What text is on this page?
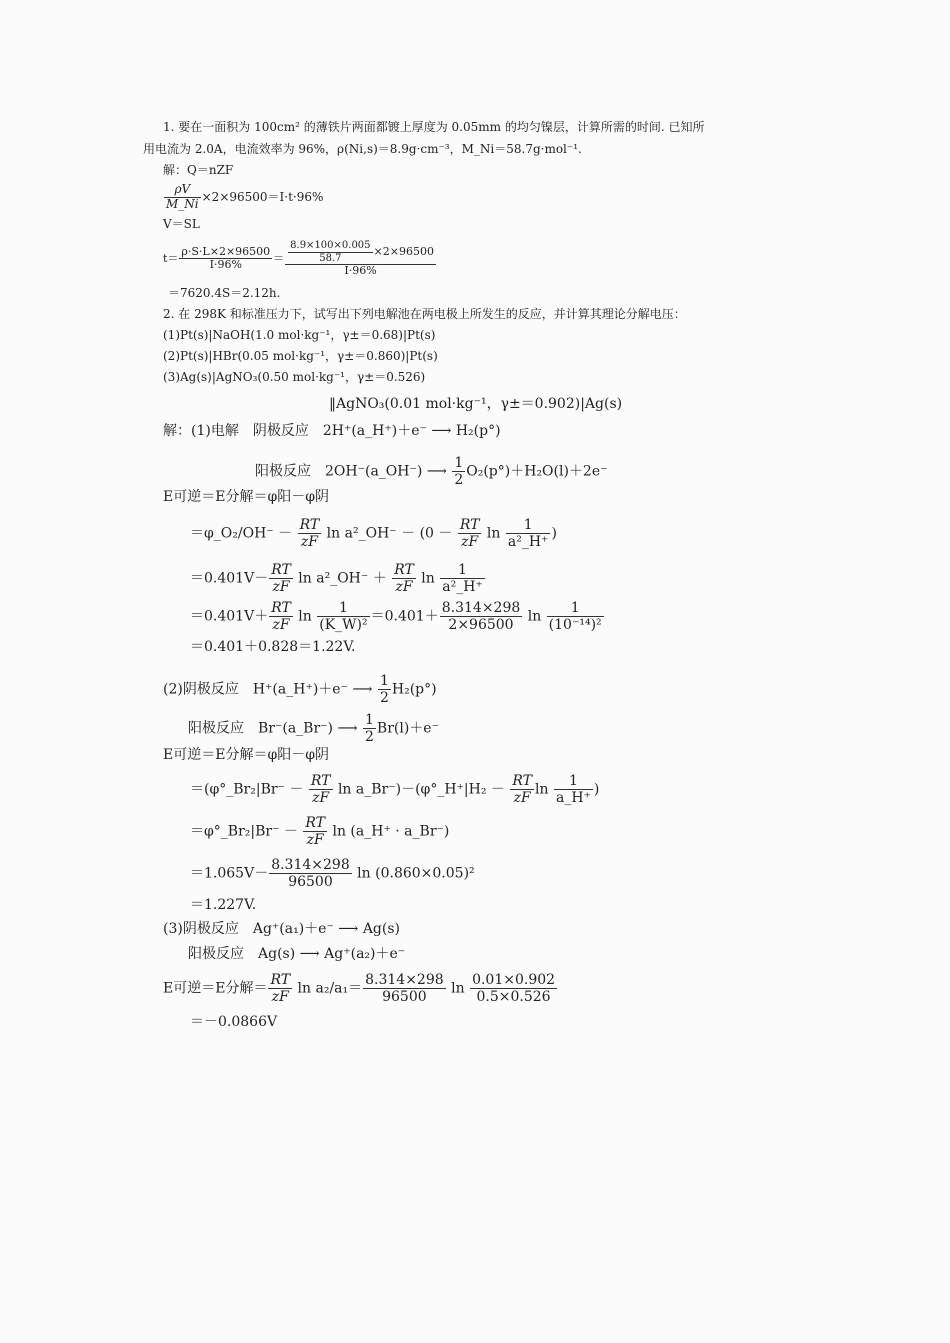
1. 要在一面积为 100cm² 的薄铁片两面都镀上厚度为 0.05mm 的均匀镍层，计算所需的时间. 已知所
用电流为 2.0A，电流效率为 96%，ρ(Ni,s)＝8.9g·cm⁻³，M_Ni＝58.7g·mol⁻¹.
解：Q＝nZF
$\frac{\rho V}{M\_Ni} \times 2\times 96500=I\cdot t\cdot 96\%$
V＝SL
$t= \frac{\rho\cdot S\cdot L\times 2\times 96500}{I\cdot 96\%} = \frac{\frac{8.9\times 100\times 0.005}{58.7} \times 2\times 96500}{I\cdot 96\%}$
＝7620.4S＝2.12h.
2. 在 298K 和标准压力下，试写出下列电解池在两电极上所发生的反应，并计算其理论分解电压：
(1)Pt(s)|NaOH(1.0 mol·kg⁻¹，γ±＝0.68)|Pt(s)
(2)Pt(s)|HBr(0.05 mol·kg⁻¹，γ±＝0.860)|Pt(s)
(3)Ag(s)|AgNO₃(0.50 mol·kg⁻¹，γ±＝0.526)
‖AgNO₃(0.01 mol·kg⁻¹，γ±＝0.902)|Ag(s)
解：(1)电解　阴极反应　2H⁺(a_H⁺)＋e⁻ ⟶ H₂(p°)
阳极反应　2OH⁻(a_OH⁻) ⟶ $\frac{1}{2} O_2(p^\circ)+H_2O(l)+2e^-$
E可逆＝E分解＝φ阳－φ阴
＝φ_O₂/OH⁻ － $\frac{RT}{zF}$ ln a²_OH⁻ － ($0 - \frac{RT}{zF}$ $\ln \frac{1}{\text{a²\_H⁺}}$ )
$=0.401V- \frac{RT}{zF}$ ln a²_OH⁻ ＋ $\frac{RT}{zF}$ $\ln \frac{1}{\text{a²\_H⁺}}$
$=0.401V+ \frac{RT}{zF}$ $\ln \frac{1}{\text{(K\_W)²}} =0.401+ \frac{8.314\times 298}{2\times 96500}$ $\ln \frac{1}{\text{(10⁻¹⁴)²}}$
＝0.401＋0.828＝1.22V.
(2)阴极反应　H⁺(a_H⁺)＋e⁻ ⟶ $\frac{1}{2} H_2(p^\circ)$
阳极反应　Br⁻(a_Br⁻) ⟶ $\frac{1}{2} Br(l)+e^-$
E可逆＝E分解＝φ阳－φ阴
＝(φ°_Br₂|Br⁻ － $\frac{RT}{zF}$ ln a_Br⁻)－(φ°_H⁺|H₂ － $\frac{RT}{zF}$ $\ln \frac{1}{a\_H^+}$ )
＝φ°_Br₂|Br⁻ － $\frac{RT}{zF}$ ln (a_H⁺ · a_Br⁻)
$=1.065V- \frac{8.314\times 298}{96500}$ ln (0.860×0.05)²
＝1.227V.
(3)阴极反应　Ag⁺(a₁)＋e⁻ ⟶ Ag(s)
阳极反应　Ag(s) ⟶ Ag⁺(a₂)＋e⁻
E可逆＝E分解＝ $\frac{RT}{zF}$ $\ln a_2/a_1= \frac{8.314\times 298}{96500}$ $\ln \frac{0.01\times 0.902}{0.5\times 0.526}$
＝－0.0866V
